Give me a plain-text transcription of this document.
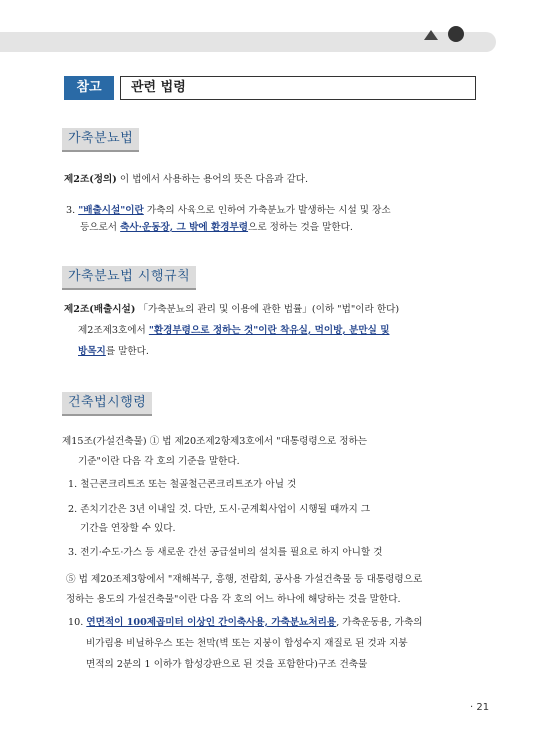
참고	관련 법령
가축분뇨법
제2조(정의) 이 법에서 사용하는 용어의 뜻은 다음과 같다.
3. "배출시설"이란 가축의 사육으로 인하여 가축분뇨가 발생하는 시설 및 장소
등으로서 축사·운동장, 그 밖에 환경부령으로 정하는 것을 말한다.
가축분뇨법 시행규칙
제2조(배출시설) 「가축분뇨의 관리 및 이용에 관한 법률」(이하 "법"이라 한다)
제2조제3호에서 "환경부령으로 정하는 것"이란 착유실, 먹이방, 분만실 및
방목지를 말한다.
건축법시행령
제15조(가설건축물) ① 법 제20조제2항제3호에서 "대통령령으로 정하는
기준"이란 다음 각 호의 기준을 말한다.
1. 철근콘크리트조 또는 철골철근콘크리트조가 아닐 것
2. 존치기간은 3년 이내일 것. 다만, 도시·군계획사업이 시행될 때까지 그
기간을 연장할 수 있다.
3. 전기·수도·가스 등 새로운 간선 공급설비의 설치를 필요로 하지 아니할 것
⑤ 법 제20조제3항에서 "재해복구, 흥행, 전람회, 공사용 가설건축물 등 대통령령으로
정하는 용도의 가설건축물"이란 다음 각 호의 어느 하나에 해당하는 것을 말한다.
10. 연면적이 100제곱미터 이상인 간이축사용, 가축분뇨처리용, 가축운동용, 가축의
비가림용 비닐하우스 또는 천막(벽 또는 지붕이 합성수지 재질로 된 것과 지붕
면적의 2분의 1 이하가 합성강판으로 된 것을 포함한다)구조 건축물
· 21
